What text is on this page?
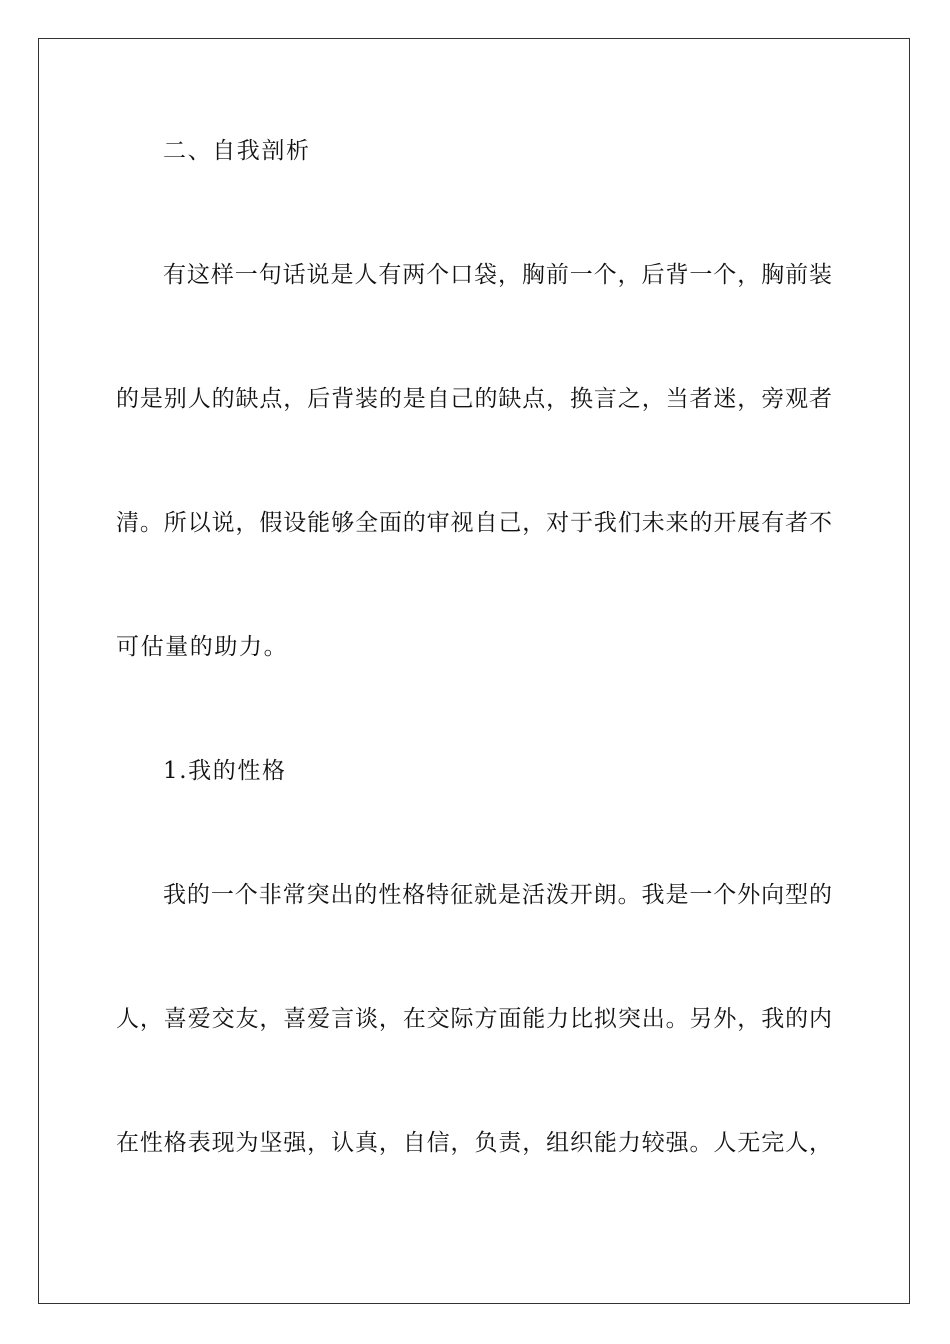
二、自我剖析
有这样一句话说是人有两个口袋，胸前一个，后背一个，胸前装
的是别人的缺点，后背装的是自己的缺点，换言之，当者迷，旁观者
清。所以说，假设能够全面的审视自己，对于我们未来的开展有者不
可估量的助力。
1.我的性格
我的一个非常突出的性格特征就是活泼开朗。我是一个外向型的
人，喜爱交友，喜爱言谈，在交际方面能力比拟突出。另外，我的内
在性格表现为坚强，认真，自信，负责，组织能力较强。人无完人，
